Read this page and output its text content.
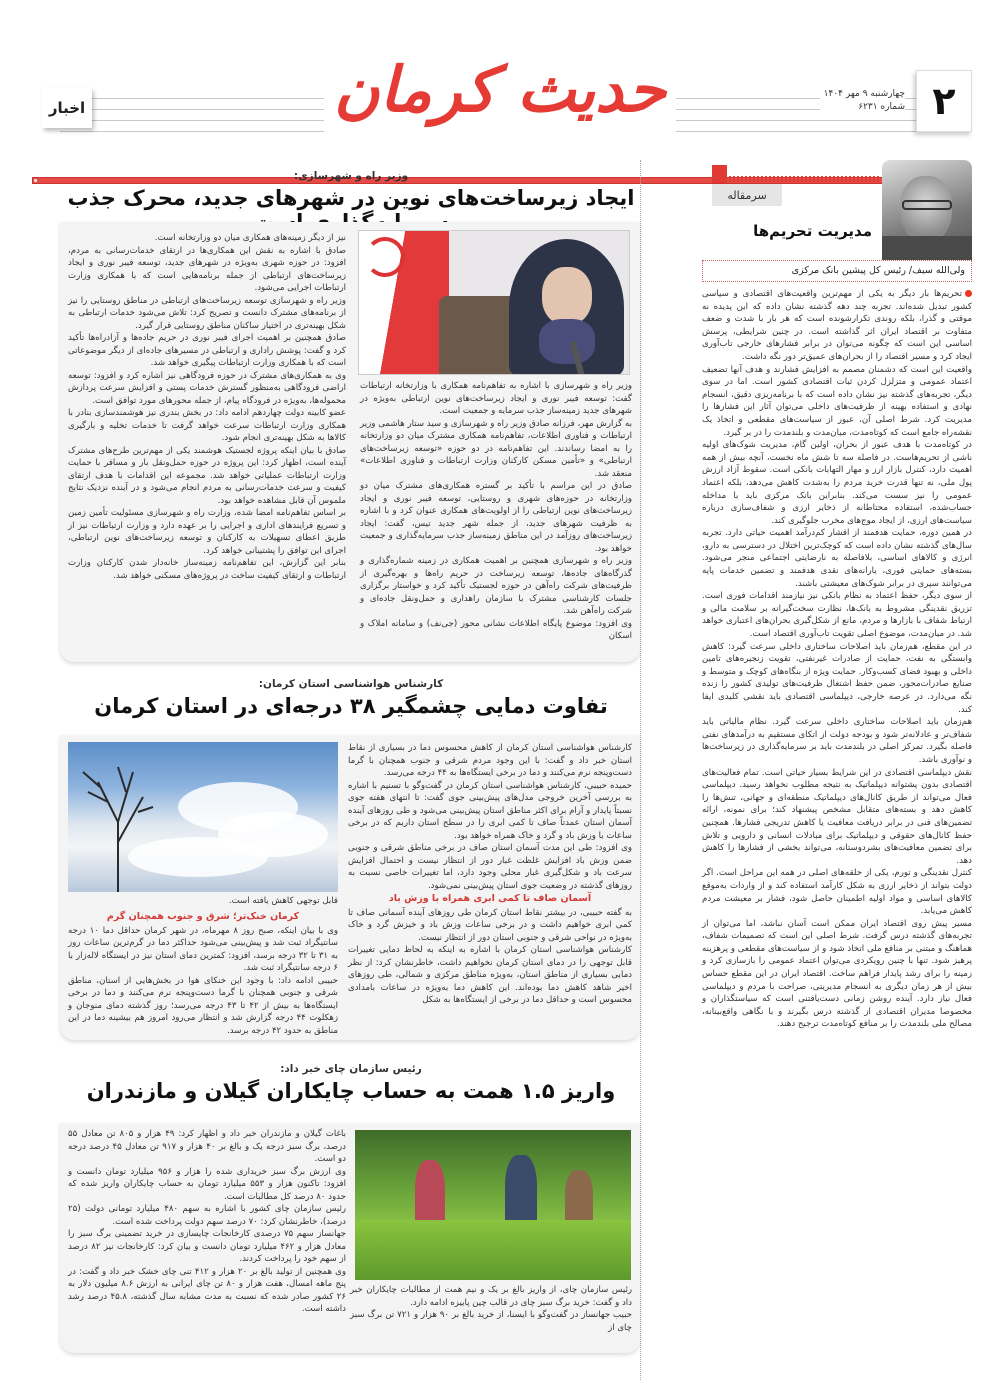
۲
چهارشنبه ۹ مهر ۱۴۰۴
شماره ۶۲۳۱
حدیث کرمان
اخبار
سرمقاله
مدیریت تحریم‌ها
ولی‌الله سیف/ رئیس کل پیشین بانک مرکزی

تحریم‌ها بار دیگر به یکی از مهم‌ترین واقعیت‌های اقتصادی و سیاسی کشور تبدیل شده‌اند. تجربه چند دهه گذشته نشان داده که این پدیده نه موقتی و گذرا، بلکه روندی تکرارشونده است که هر بار با شدت و ضعف متفاوت بر اقتصاد ایران اثر گذاشته است. در چنین شرایطی، پرسش اساسی این است که چگونه می‌توان در برابر فشارهای خارجی تاب‌آوری ایجاد کرد و مسیر اقتصاد را از بحران‌های عمیق‌تر دور نگه داشت.

واقعیت این است که دشمنان مصمم به افزایش فشارند و هدف آنها تضعیف اعتماد عمومی و متزلزل کردن ثبات اقتصادی کشور است. اما در سوی دیگر، تجربه‌های گذشته نیز نشان داده است که با برنامه‌ریزی دقیق، انسجام نهادی و استفاده بهینه از ظرفیت‌های داخلی می‌توان آثار این فشارها را مدیریت کرد. شرط اصلی آن، عبور از سیاست‌های مقطعی و اتخاذ یک نقشه‌راه جامع است که کوتاه‌مدت، میان‌مدت و بلندمدت را در بر گیرد.

در کوتاه‌مدت با هدف عبور از بحران، اولین گام، مدیریت شوک‌های اولیه ناشی از تحریم‌هاست. در فاصله سه تا شش ماه نخست، آنچه بیش از همه اهمیت دارد، کنترل بازار ارز و مهار التهابات بانکی است. سقوط آزاد ارزش پول ملی، نه تنها قدرت خرید مردم را به‌شدت کاهش می‌دهد، بلکه اعتماد عمومی را نیز سست می‌کند. بنابراین بانک مرکزی باید با مداخله حساب‌شده، استفاده محتاطانه از ذخایر ارزی و شفاف‌سازی درباره سیاست‌های ارزی، از ایجاد موج‌های مخرب جلوگیری کند.

در همین دوره، حمایت هدفمند از اقشار کم‌درآمد اهمیت حیاتی دارد. تجربه سال‌های گذشته نشان داده است که کوچک‌ترین اختلال در دسترسی به دارو، انرژی و کالاهای اساسی، بلافاصله به نارضایتی اجتماعی منجر می‌شود. بسته‌های حمایتی فوری، یارانه‌های نقدی هدفمند و تضمین خدمات پایه می‌توانند سپری در برابر شوک‌های معیشتی باشند.

از سوی دیگر، حفظ اعتماد به نظام بانکی نیز نیازمند اقدامات فوری است. تزریق نقدینگی مشروط به بانک‌ها، نظارت سخت‌گیرانه بر سلامت مالی و ارتباط شفاف با بازارها و مردم، مانع از شکل‌گیری بحران‌های اعتباری خواهد شد. در میان‌مدت، موضوع اصلی تقویت تاب‌آوری اقتصاد است.

در این مقطع، هم‌زمان باید اصلاحات ساختاری داخلی سرعت گیرد: کاهش وابستگی به نفت، حمایت از صادرات غیرنفتی، تقویت زنجیره‌های تامین داخلی و بهبود فضای کسب‌وکار. حمایت ویژه از بنگاه‌های کوچک و متوسط و صنایع صادرات‌محور، ضمن حفظ اشتغال ظرفیت‌های تولیدی کشور را زنده نگه می‌دارد. در عرصه خارجی، دیپلماسی اقتصادی باید نقشی کلیدی ایفا کند.

هم‌زمان باید اصلاحات ساختاری داخلی سرعت گیرد. نظام مالیاتی باید شفاف‌تر و عادلانه‌تر شود و بودجه دولت از اتکای مستقیم به درآمدهای نفتی فاصله بگیرد. تمرکز اصلی در بلندمدت باید بر سرمایه‌گذاری در زیرساخت‌ها و نوآوری باشد.

نقش دیپلماسی اقتصادی در این شرایط بسیار حیاتی است. تمام فعالیت‌های اقتصادی بدون پشتوانه دیپلماتیک به نتیجه مطلوب نخواهد رسید. دیپلماسی فعال می‌تواند از طریق کانال‌های دیپلماتیک منطقه‌ای و جهانی، تنش‌ها را کاهش دهد و بسته‌های متقابل مشخص پیشنهاد کند؛ برای نمونه، ارائه تضمین‌های فنی در برابر دریافت معافیت یا کاهش تدریجی فشارها. همچنین حفظ کانال‌های حقوقی و دیپلماتیک برای مبادلات انسانی و دارویی و تلاش برای تضمین معافیت‌های بشردوستانه، می‌تواند بخشی از فشارها را کاهش دهد.

کنترل نقدینگی و تورم، یکی از حلقه‌های اصلی در همه این مراحل است. اگر دولت بتواند از ذخایر ارزی به شکل کارآمد استفاده کند و از واردات به‌موقع کالاهای اساسی و مواد اولیه اطمینان حاصل شود، فشار بر معیشت مردم کاهش می‌یابد.

مسیر پیش روی اقتصاد ایران ممکن است آسان نباشد، اما می‌توان از تجربه‌های گذشته درس گرفت. شرط اصلی این است که تصمیمات شفاف، هماهنگ و مبتنی بر منافع ملی اتخاذ شود و از سیاست‌های مقطعی و پرهزینه پرهیز شود. تنها با چنین رویکردی می‌توان اعتماد عمومی را بازسازی کرد و زمینه را برای رشد پایدار فراهم ساخت. اقتصاد ایران در این مقطع حساس بیش از هر زمان دیگری به انسجام مدیریتی، صراحت با مردم و دیپلماسی فعال نیاز دارد. آینده روشن زمانی دست‌یافتنی است که سیاستگذاران و مخصوصا مدیران اقتصادی از گذشته درس بگیرند و با نگاهی واقع‌بینانه، مصالح ملی بلندمدت را بر منافع کوتاه‌مدت ترجیح دهند.

وزیر راه و شهرسازی:
ایجاد زیرساخت‌های نوین در شهرهای جدید، محرک جذب

وزیر راه و شهرسازی با اشاره به تفاهم‌نامه همکاری با وزارتخانه ارتباطات گفت: توسعه فیبر نوری و ایجاد زیرساخت‌های نوین ارتباطی به‌ویژه در شهرهای جدید زمینه‌ساز جذب سرمایه و جمعیت است.

به گزارش مهر، فرزانه صادق وزیر راه و شهرسازی و سید ستار هاشمی وزیر ارتباطات و فناوری اطلاعات، تفاهم‌نامه همکاری مشترک میان دو وزارتخانه را به امضا رساندند. این تفاهم‌نامه در دو حوزه «توسعه زیرساخت‌های ارتباطی» و «تأمین مسکن کارکنان وزارت ارتباطات و فناوری اطلاعات» منعقد شد.

صادق در این مراسم با تأکید بر گستره همکاری‌های مشترک میان دو وزارتخانه در حوزه‌های شهری و روستایی، توسعه فیبر نوری و ایجاد زیرساخت‌های نوین ارتباطی را از اولویت‌های همکاری عنوان کرد و با اشاره به ظرفیت شهرهای جدید، از جمله شهر جدید تیس، گفت: ایجاد زیرساخت‌های روزآمد در این مناطق زمینه‌ساز جذب سرمایه‌گذاری و جمعیت خواهد بود.

وزیر راه و شهرسازی همچنین بر اهمیت همکاری در زمینه شماره‌گذاری و گذرگاه‌های جاده‌ها، توسعه زیرساخت در حریم راه‌ها و بهره‌گیری از ظرفیت‌های شرکت راه‌آهن در حوزه لجستیک تأکید کرد و خواستار برگزاری جلسات کارشناسی مشترک با سازمان راهداری و حمل‌ونقل جاده‌ای و شرکت راه‌آهن شد.

وی افزود: موضوع پایگاه اطلاعات نشانی محور (جی‌نف) و سامانه املاک و اسکان

نیز از دیگر زمینه‌های همکاری میان دو وزارتخانه است.

صادق با اشاره به نقش این همکاری‌ها در ارتقای خدمات‌رسانی به مردم، افزود: در حوزه شهری به‌ویژه در شهرهای جدید، توسعه فیبر نوری و ایجاد زیرساخت‌های ارتباطی از جمله برنامه‌هایی است که با همکاری وزارت ارتباطات اجرایی می‌شود.

وزیر راه و شهرسازی توسعه زیرساخت‌های ارتباطی در مناطق روستایی را نیز از برنامه‌های مشترک دانست و تصریح کرد: تلاش می‌شود خدمات ارتباطی به شکل بهینه‌تری در اختیار ساکنان مناطق روستایی قرار گیرد.

صادق همچنین بر اهمیت اجرای فیبر نوری در حریم جاده‌ها و آزادراه‌ها تأکید کرد و گفت: پوشش راداری و ارتباطی در مسیرهای جاده‌ای از دیگر موضوعاتی است که با همکاری وزارت ارتباطات پیگیری خواهد شد.

وی به همکاری‌های مشترک در حوزه فرودگاهی نیز اشاره کرد و افزود: توسعه اراضی فرودگاهی به‌منظور گسترش خدمات پستی و افزایش سرعت پردازش محموله‌ها، به‌ویژه در فرودگاه پیام، از جمله محورهای مورد توافق است.

عضو کابینه دولت چهاردهم ادامه داد: در بخش بندری نیز هوشمندسازی بنادر با همکاری وزارت ارتباطات سرعت خواهد گرفت تا خدمات تخلیه و بارگیری کالاها به شکل بهینه‌تری انجام شود.

صادق با بیان اینکه پروژه لجستیک هوشمند یکی از مهم‌ترین طرح‌های مشترک آینده است، اظهار کرد: این پروژه در حوزه حمل‌ونقل بار و مسافر با حمایت وزارت ارتباطات عملیاتی خواهد شد. مجموعه این اقدامات با هدف ارتقای کیفیت و سرعت خدمات‌رسانی به مردم انجام می‌شود و در آینده نزدیک نتایج ملموس آن قابل مشاهده خواهد بود.

بر اساس تفاهم‌نامه امضا شده، وزارت راه و شهرسازی مسئولیت تأمین زمین و تسریع فرایندهای اداری و اجرایی را بر عهده دارد و وزارت ارتباطات نیز از طریق اعطای تسهیلات به کارکنان و توسعه زیرساخت‌های نوین ارتباطی، اجرای این توافق را پشتیبانی خواهد کرد.

بنابر این گزارش، این تفاهم‌نامه زمینه‌ساز خانه‌دار شدن کارکنان وزارت ارتباطات و ارتقای کیفیت ساخت در پروژه‌های مسکنی خواهد شد.

کارشناس هواشناسی استان کرمان:
تفاوت دمایی چشمگیر ۳۸ درجه‌ای در استان کرمان
قابل توجهی کاهش یافته است.

کارشناس هواشناسی استان کرمان از کاهش محسوس دما در بسیاری از نقاط استان خبر داد و گفت: با این وجود مردم شرقی و جنوب همچنان با گرما دست‌وپنجه نرم می‌کنند و دما در برخی ایستگاه‌ها به ۴۴ درجه می‌رسد.

حمیده حبیبی، کارشناس هواشناسی استان کرمان در گفت‌وگو با تسنیم با اشاره به بررسی آخرین خروجی مدل‌های پیش‌بینی جوی گفت: تا انتهای هفته جوی نسبتاً پایدار و آرام برای اکثر مناطق استان پیش‌بینی می‌شود و طی روزهای آینده آسمان استان عمدتاً صاف تا کمی ابری را در سطح استان داریم که در برخی ساعات با وزش باد و گرد و خاک همراه خواهد بود.

وی افزود: طی این مدت آسمان استان صاف در برخی مناطق شرقی و جنوبی ضمن وزش باد افزایش غلظت غبار دور از انتظار نیست و احتمال افزایش سرعت باد و شکل‌گیری غبار محلی وجود دارد، اما تغییرات خاصی نسبت به روزهای گذشته در وضعیت جوی استان پیش‌بینی نمی‌شود.

آسمان صاف تا کمی ابری همراه با وزش باد

به گفته حبیبی، در بیشتر نقاط استان کرمان طی روزهای آینده آسمانی صاف تا کمی ابری خواهیم داشت و در برخی ساعات وزش باد و خیزش گرد و خاک به‌ویژه در نواحی شرقی و جنوبی استان دور از انتظار نیست.

کارشناس هواشناسی استان کرمان با اشاره به اینکه به لحاظ دمایی تغییرات قابل توجهی را در دمای استان کرمان نخواهیم داشت، خاطرنشان کرد: از نظر دمایی بسیاری از مناطق استان، به‌ویژه مناطق مرکزی و شمالی، طی روزهای اخیر شاهد کاهش دما بوده‌اند. این کاهش دما به‌ویژه در ساعات بامدادی محسوس است و حداقل دما در برخی از ایستگاه‌ها به شکل

کرمان خنک‌تر؛ شرق و جنوب همچنان گرم

وی با بیان اینکه، صبح روز ۸ مهرماه، در شهر کرمان حداقل دما ۱۰ درجه سانتیگراد ثبت شد و پیش‌بینی می‌شود حداکثر دما در گرم‌ترین ساعات روز به ۳۱ تا ۳۲ درجه برسد، افزود: کمترین دمای استان نیز در ایستگاه لاله‌زار با ۶ درجه سانتیگراد ثبت شد.

حبیبی ادامه داد: با وجود این خنکای هوا در بخش‌هایی از استان، مناطق شرقی و جنوبی همچنان با گرما دست‌وپنجه نرم می‌کنند و دما در برخی ایستگاه‌ها به بیش از ۴۲ تا ۴۳ درجه می‌رسد؛ روز گذشته دمای منوجان و زهکلوت ۴۴ درجه گزارش شد و انتظار می‌رود امروز هم بیشینه دما در این مناطق به حدود ۴۲ درجه برسد.

رئیس سازمان چای خبر داد:
واریز ۱.۵ همت به حساب چایکاران گیلان و مازندران

رئیس سازمان چای، از واریز بالغ بر یک و نیم همت از مطالبات چایکاران خبر داد و گفت: خرید برگ سبز چای در قالب چین پاییزه ادامه دارد.

حبیب جهانساز در گفت‌وگو با ایسنا، از خرید بالغ بر ۹۰ هزار و ۷۲۱ تن برگ سبز چای از

باغات گیلان و مازندران خبر داد و اظهار کرد: ۴۹ هزار و ۸۰۵ تن معادل ۵۵ درصد، برگ سبز درجه یک و بالغ بر ۴۰ هزار و ۹۱۷ تن معادل ۴۵ درصد درجه دو است.

وی ارزش برگ سبز خریداری شده را هزار و ۹۵۶ میلیارد تومان دانست و افزود: تاکنون هزار و ۵۵۳ میلیارد تومان به حساب چایکاران واریز شده که حدود ۸۰ درصد کل مطالبات است.

رئیس سازمان چای کشور با اشاره به سهم ۴۸۰ میلیارد تومانی دولت (۲۵ درصد)، خاطرنشان کرد: ۷۰ درصد سهم دولت پرداخت شده است.

جهانساز سهم ۷۵ درصدی کارخانجات چایسازی در خرید تضمینی برگ سبز را معادل هزار و ۴۶۲ میلیارد تومان دانست و بیان کرد: کارخانجات نیز ۸۲ درصد از سهم خود را پرداخت کردند.

وی همچنین از تولید بالغ بر ۲۰ هزار و ۴۱۲ تنی چای خشک خبر داد و گفت: در پنج ماهه امسال، هفت هزار و ۸۰ تن چای ایرانی به ارزش ۸.۶ میلیون دلار به ۲۶ کشور صادر شده که نسبت به مدت مشابه سال گذشته، ۴۵.۸ درصد رشد داشته است.
